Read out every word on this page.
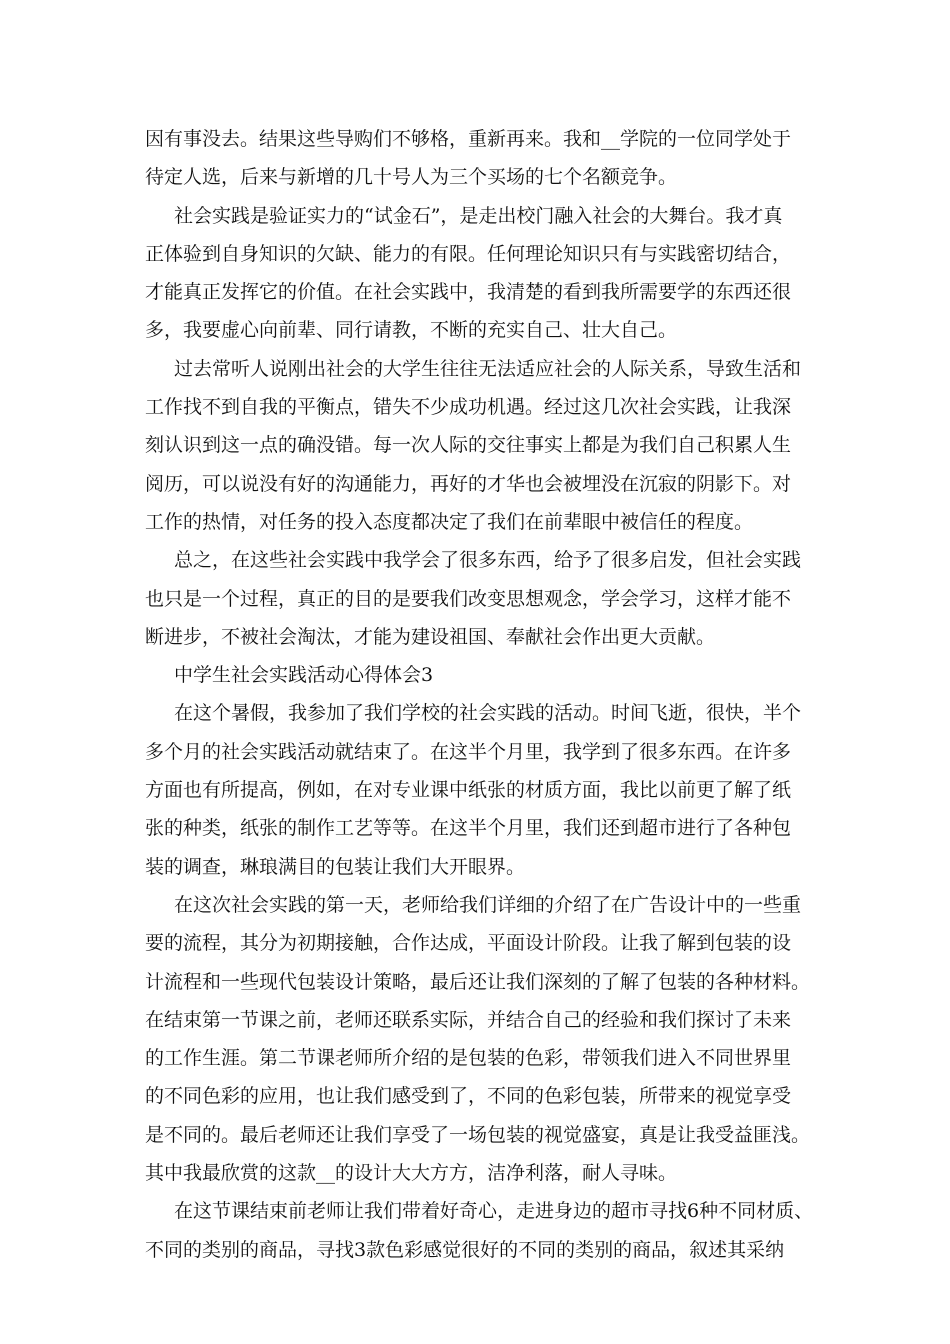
因有事没去。结果这些导购们不够格，重新再来。我和__学院的一位同学处于
待定人选，后来与新增的几十号人为三个买场的七个名额竞争。
社会实践是验证实力的“试金石”，是走出校门融入社会的大舞台。我才真
正体验到自身知识的欠缺、能力的有限。任何理论知识只有与实践密切结合，
才能真正发挥它的价值。在社会实践中，我清楚的看到我所需要学的东西还很
多，我要虚心向前辈、同行请教，不断的充实自己、壮大自己。
过去常听人说刚出社会的大学生往往无法适应社会的人际关系，导致生活和
工作找不到自我的平衡点，错失不少成功机遇。经过这几次社会实践，让我深
刻认识到这一点的确没错。每一次人际的交往事实上都是为我们自己积累人生
阅历，可以说没有好的沟通能力，再好的才华也会被埋没在沉寂的阴影下。对
工作的热情，对任务的投入态度都决定了我们在前辈眼中被信任的程度。
总之，在这些社会实践中我学会了很多东西，给予了很多启发，但社会实践
也只是一个过程，真正的目的是要我们改变思想观念，学会学习，这样才能不
断进步，不被社会淘汰，才能为建设祖国、奉献社会作出更大贡献。
中学生社会实践活动心得体会3
在这个暑假，我参加了我们学校的社会实践的活动。时间飞逝，很快，半个
多个月的社会实践活动就结束了。在这半个月里，我学到了很多东西。在许多
方面也有所提高，例如，在对专业课中纸张的材质方面，我比以前更了解了纸
张的种类，纸张的制作工艺等等。在这半个月里，我们还到超市进行了各种包
装的调查，琳琅满目的包装让我们大开眼界。
在这次社会实践的第一天，老师给我们详细的介绍了在广告设计中的一些重
要的流程，其分为初期接触，合作达成，平面设计阶段。让我了解到包装的设
计流程和一些现代包装设计策略，最后还让我们深刻的了解了包装的各种材料。
在结束第一节课之前，老师还联系实际，并结合自己的经验和我们探讨了未来
的工作生涯。第二节课老师所介绍的是包装的色彩，带领我们进入不同世界里
的不同色彩的应用，也让我们感受到了，不同的色彩包装，所带来的视觉享受
是不同的。最后老师还让我们享受了一场包装的视觉盛宴，真是让我受益匪浅。
其中我最欣赏的这款__的设计大大方方，洁净利落，耐人寻味。
在这节课结束前老师让我们带着好奇心，走进身边的超市寻找6种不同材质、
不同的类别的商品，寻找3款色彩感觉很好的不同的类别的商品，叙述其采纳
